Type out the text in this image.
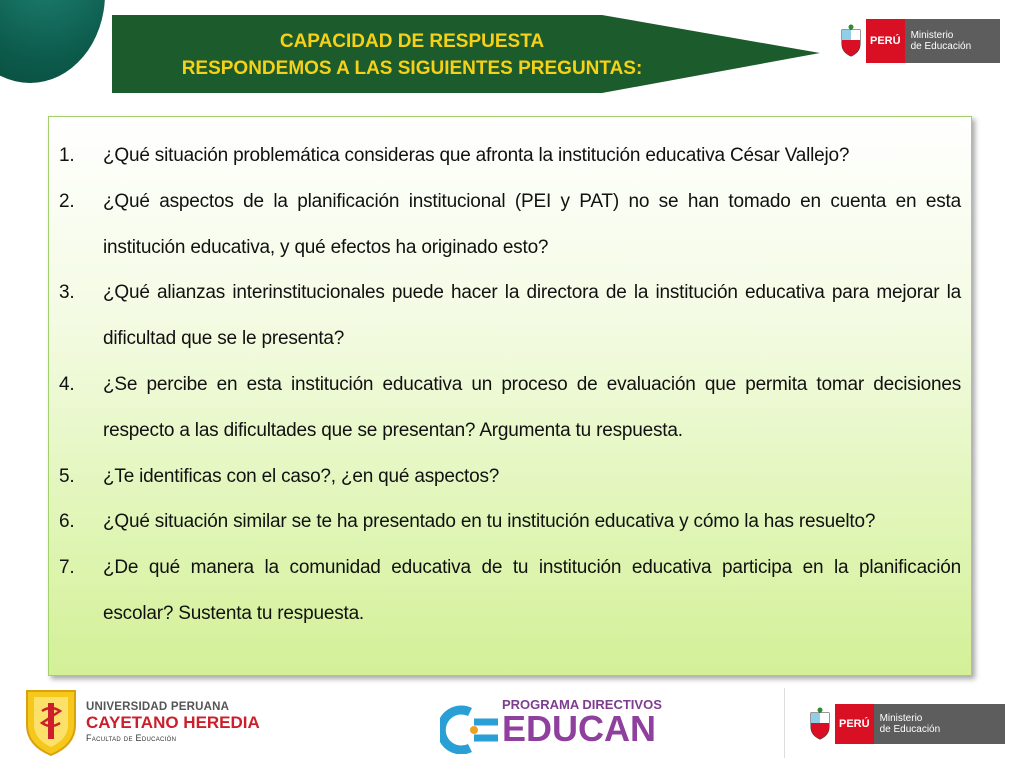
CAPACIDAD DE RESPUESTA
RESPONDEMOS A LAS SIGUIENTES PREGUNTAS:
PERÚ	Ministerio
de Educación
1. ¿Qué situación problemática consideras que afronta la institución educativa César Vallejo?
2. ¿Qué aspectos de la planificación institucional (PEI y PAT) no se han tomado en cuenta en esta institución educativa, y qué efectos ha originado esto?
3. ¿Qué alianzas interinstitucionales puede hacer la directora de la institución educativa para mejorar la dificultad que se le presenta?
4. ¿Se percibe en esta institución educativa un proceso de evaluación que permita tomar decisiones respecto a las dificultades que se presentan? Argumenta tu respuesta.
5. ¿Te identificas con el caso?, ¿en qué aspectos?
6. ¿Qué situación similar se te ha presentado en tu institución educativa y cómo la has resuelto?
7. ¿De qué manera la comunidad educativa de tu institución educativa participa en la planificación escolar? Sustenta tu respuesta.
UNIVERSIDAD PERUANA
CAYETANO HEREDIA
Facultad de Educación
PROGRAMA DIRECTIVOS
EDUCAN	PERÚ	Ministerio
de Educación
